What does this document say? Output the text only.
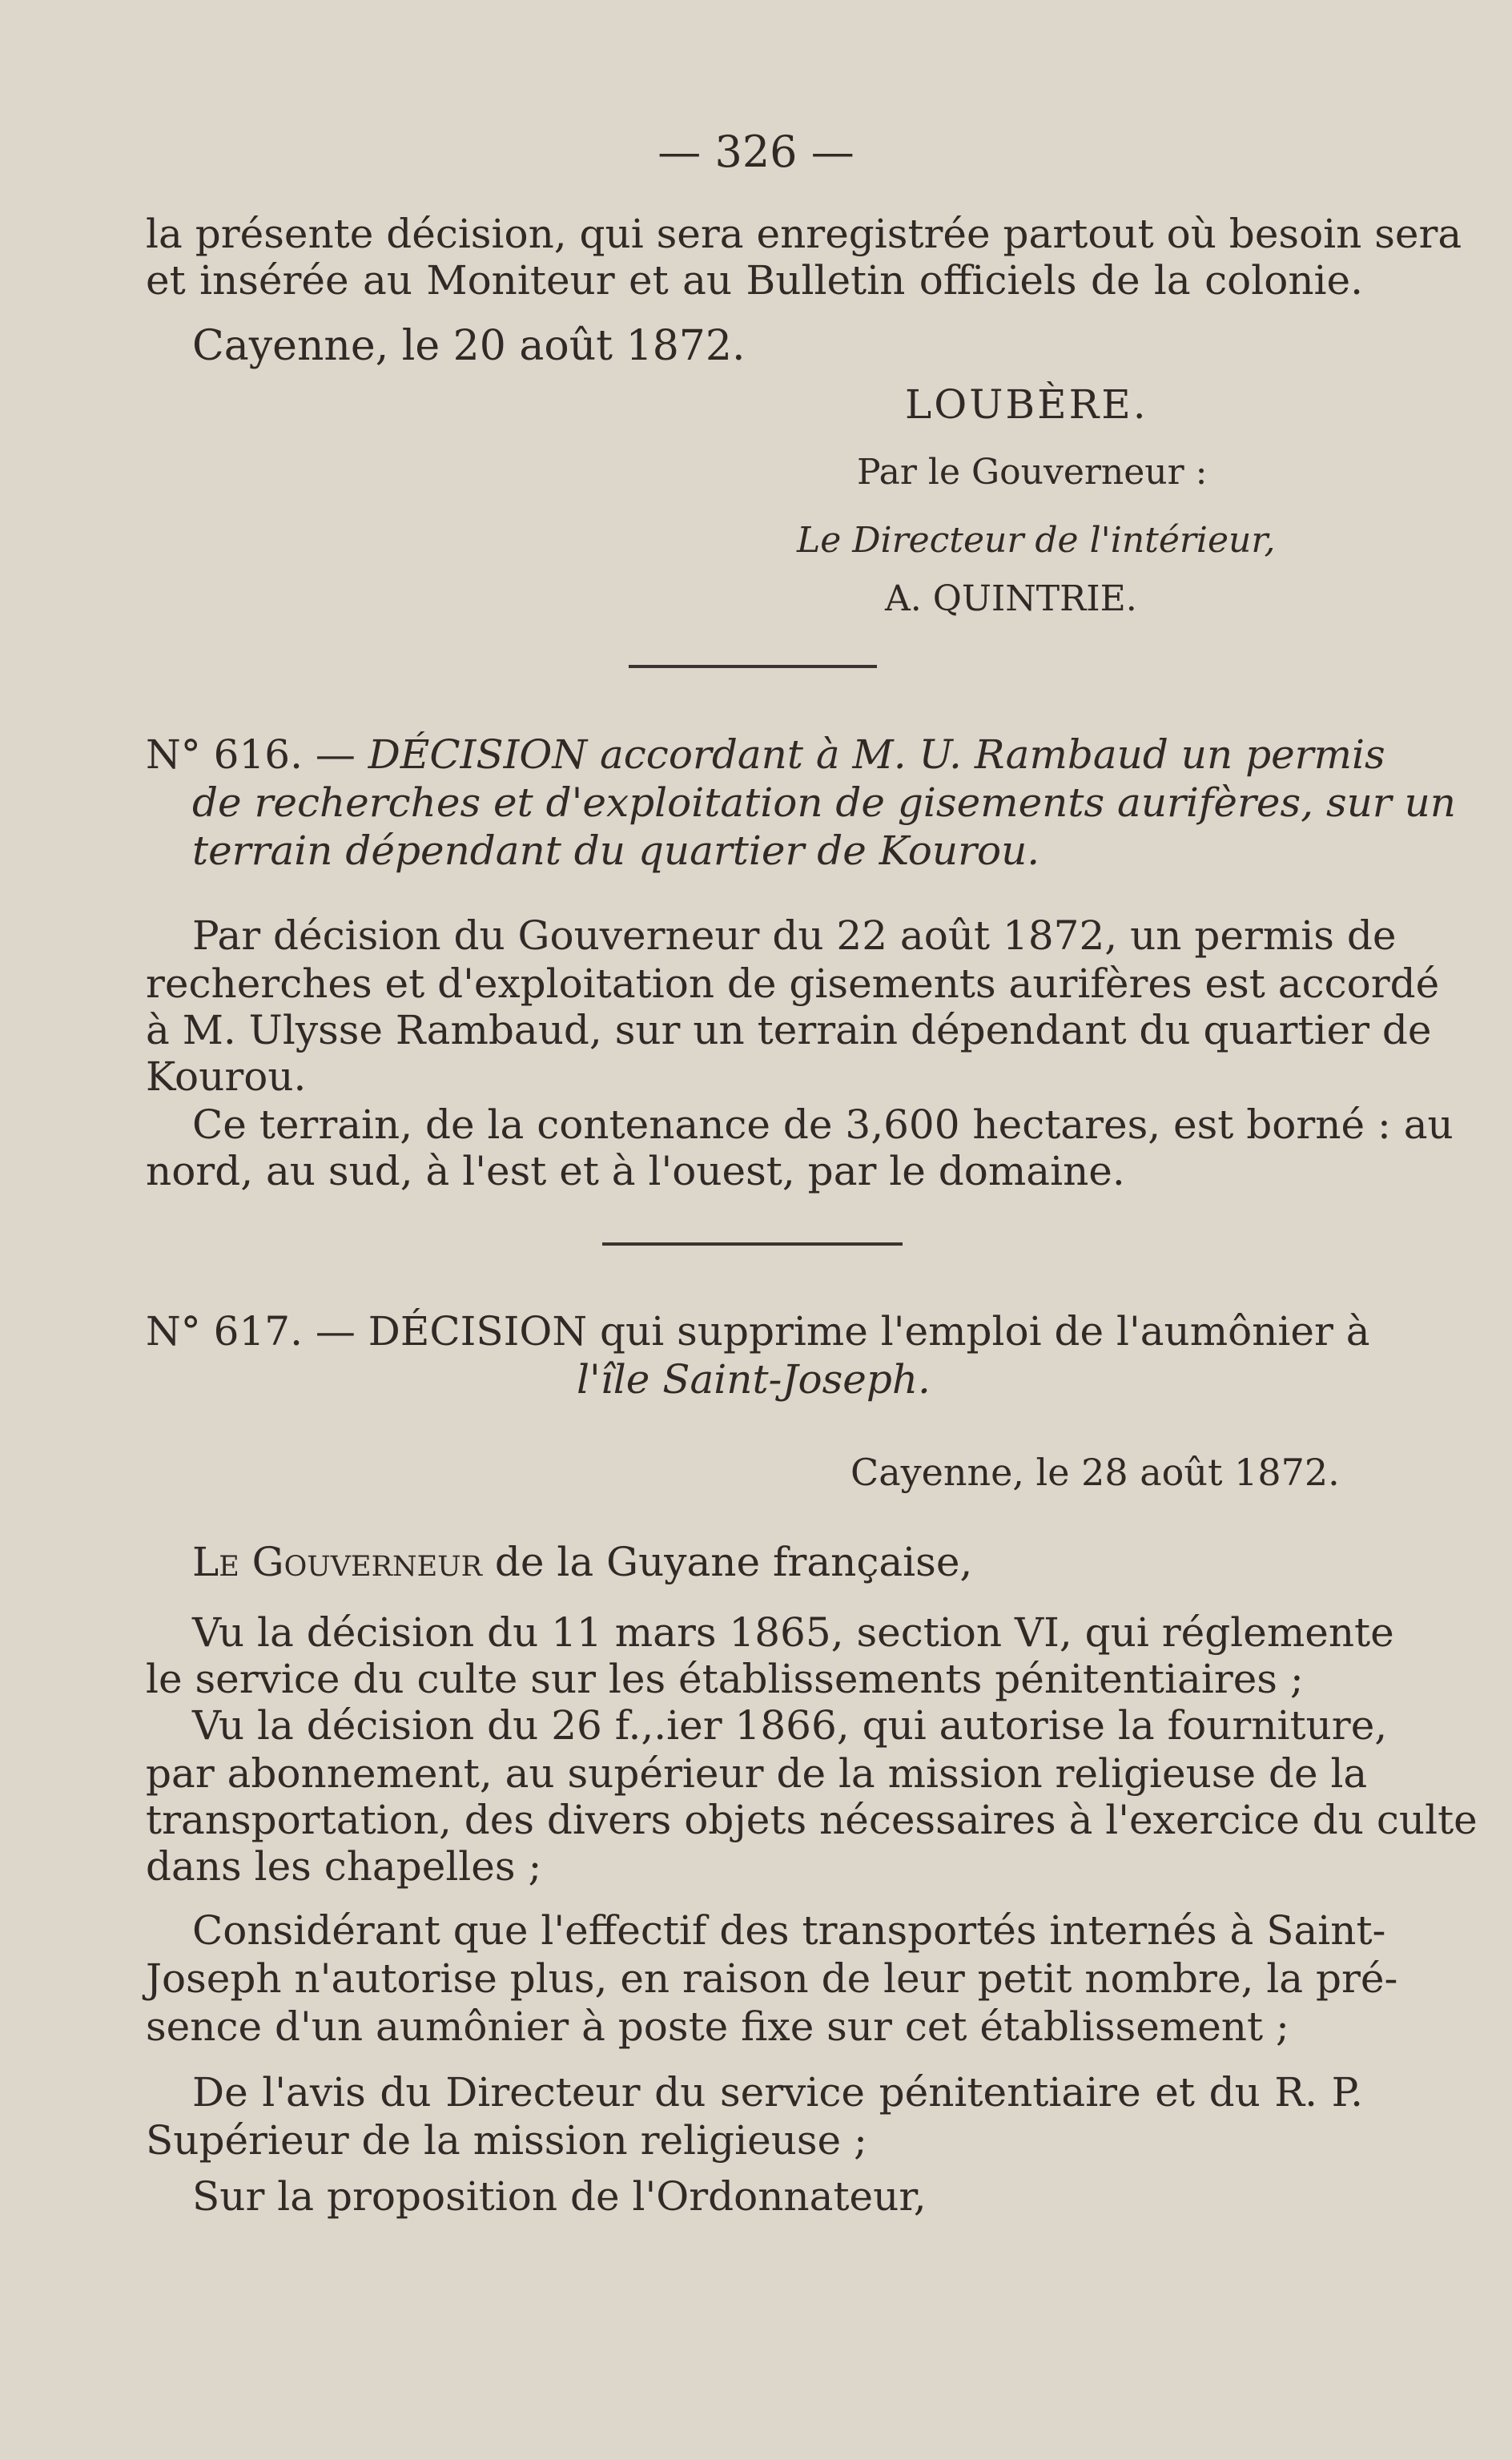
— 326 —
la présente décision, qui sera enregistrée partout où besoin sera
et insérée au Moniteur et au Bulletin officiels de la colonie.
Cayenne, le 20 août 1872.
LOUBÈRE.
Par le Gouverneur :
Le Directeur de l'intérieur,
A. QUINTRIE.
N° 616. — DÉCISION accordant à M. U. Rambaud un permis
de recherches et d'exploitation de gisements aurifères, sur un
terrain dépendant du quartier de Kourou.
Par décision du Gouverneur du 22 août 1872, un permis de
recherches et d'exploitation de gisements aurifères est accordé
à M. Ulysse Rambaud, sur un terrain dépendant du quartier de
Kourou.
Ce terrain, de la contenance de 3,600 hectares, est borné : au
nord, au sud, à l'est et à l'ouest, par le domaine.
N° 617. — DÉCISION qui supprime l'emploi de l'aumônier à
l'île Saint-Joseph.
Cayenne, le 28 août 1872.
Le Gouverneur de la Guyane française,
Vu la décision du 11 mars 1865, section VI, qui réglemente
le service du culte sur les établissements pénitentiaires ;
Vu la décision du 26 f.,.ier 1866, qui autorise la fourniture,
par abonnement, au supérieur de la mission religieuse de la
transportation, des divers objets nécessaires à l'exercice du culte
dans les chapelles ;
Considérant que l'effectif des transportés internés à Saint-
Joseph n'autorise plus, en raison de leur petit nombre, la pré-
sence d'un aumônier à poste fixe sur cet établissement ;
De l'avis du Directeur du service pénitentiaire et du R. P.
Supérieur de la mission religieuse ;
Sur la proposition de l'Ordonnateur,
